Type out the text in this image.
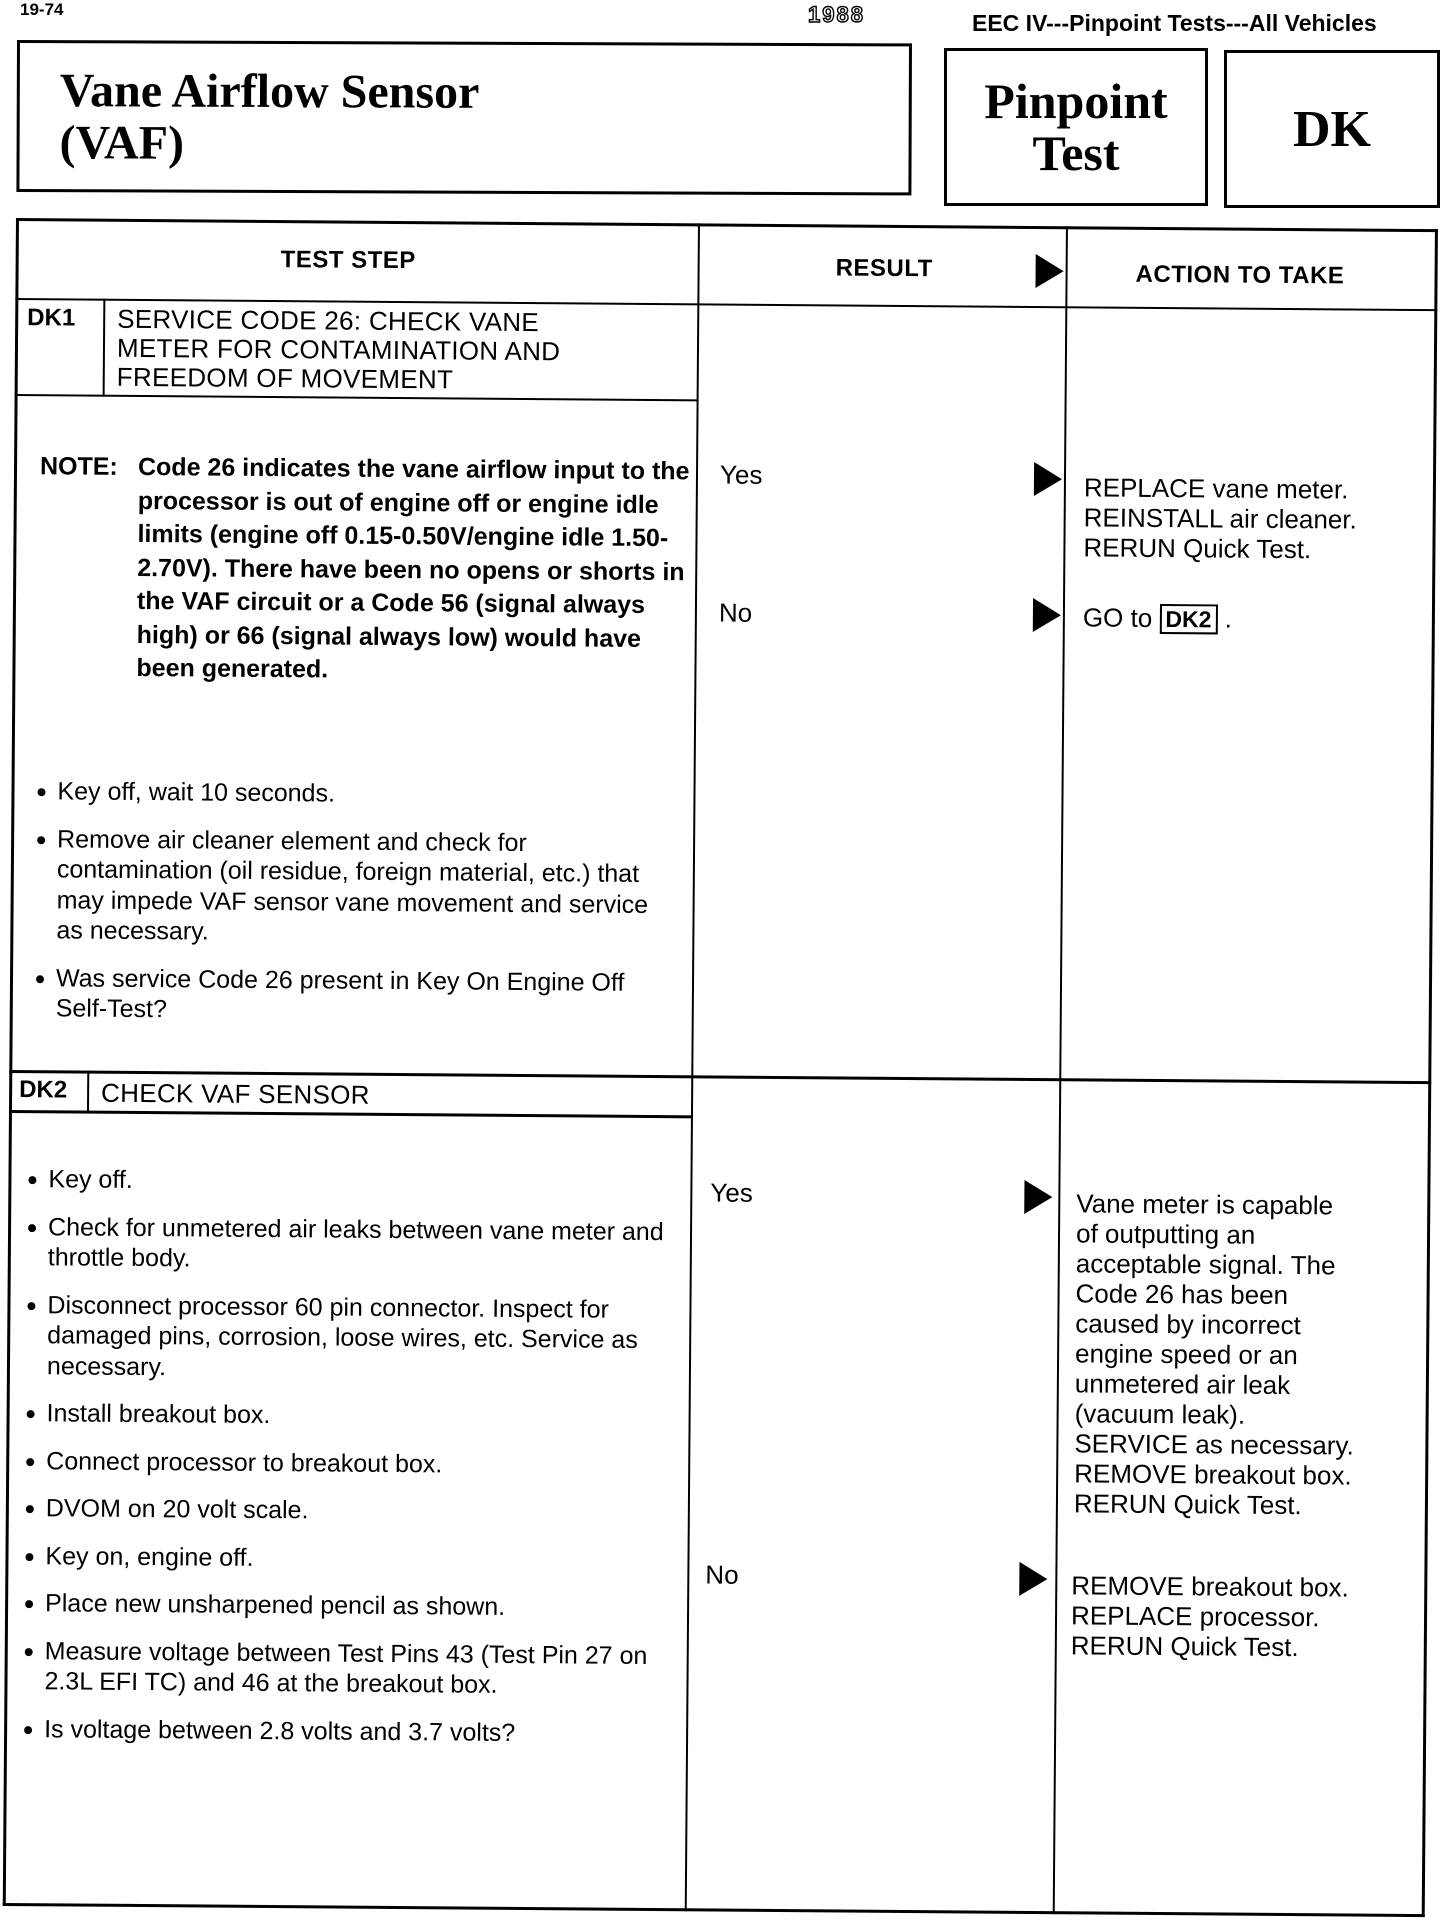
19-74	1988	EEC IV---Pinpoint Tests---All Vehicles
Vane Airflow Sensor
(VAF)
Pinpoint
Test	DK
TEST STEP	RESULT	ACTION TO TAKE
DK1 SERVICE CODE 26: CHECK VANE
METER FOR CONTAMINATION AND
FREEDOM OF MOVEMENT
NOTE: Code 26 indicates the vane airflow input to the processor is out of engine off or engine idle limits (engine off 0.15-0.50V/engine idle 1.50-2.70V). There have been no opens or shorts in the VAF circuit or a Code 56 (signal always high) or 66 (signal always low) would have been generated.
Key off, wait 10 seconds.
Remove air cleaner element and check for contamination (oil residue, foreign material, etc.) that may impede VAF sensor vane movement and service as necessary.
Was service Code 26 present in Key On Engine Off Self-Test?
Yes	REPLACE vane meter.
REINSTALL air cleaner.
RERUN Quick Test.
No	GO to DK2 .
DK2 CHECK VAF SENSOR
Key off.
Check for unmetered air leaks between vane meter and throttle body.
Disconnect processor 60 pin connector. Inspect for damaged pins, corrosion, loose wires, etc. Service as necessary.
Install breakout box.
Connect processor to breakout box.
DVOM on 20 volt scale.
Key on, engine off.
Place new unsharpened pencil as shown.
Measure voltage between Test Pins 43 (Test Pin 27 on 2.3L EFI TC) and 46 at the breakout box.
Is voltage between 2.8 volts and 3.7 volts?
Yes	Vane meter is capable
of outputting an
acceptable signal. The
Code 26 has been
caused by incorrect
engine speed or an
unmetered air leak
(vacuum leak).
SERVICE as necessary.
REMOVE breakout box.
RERUN Quick Test.
No	REMOVE breakout box.
REPLACE processor.
RERUN Quick Test.
